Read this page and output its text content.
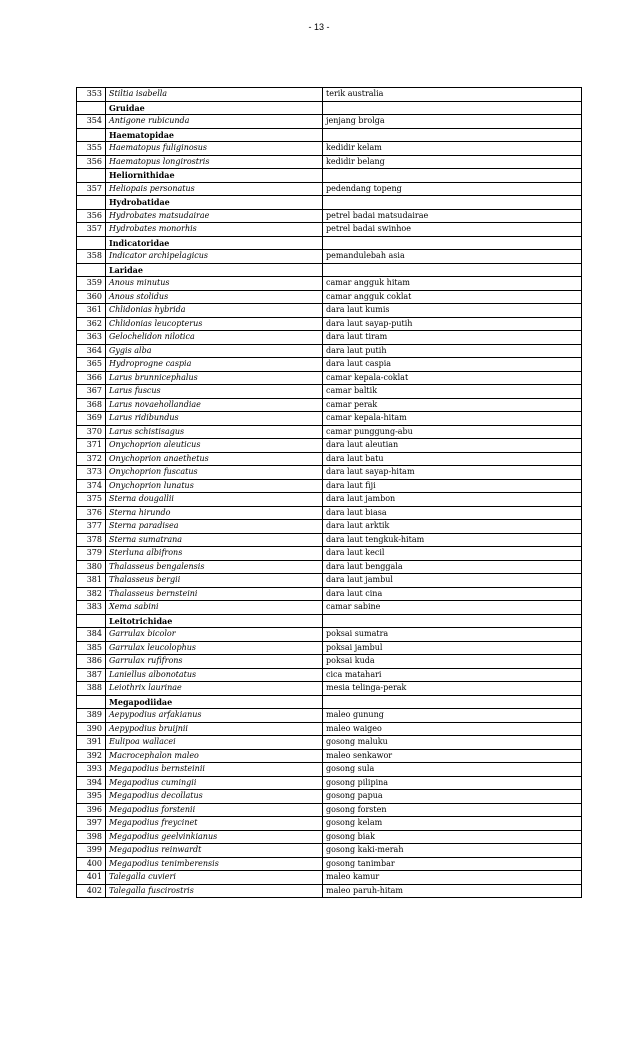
- 13 -
353	Stiltia isabella	terik australia
	Gruidae	
354	Antigone rubicunda	jenjang brolga
	Haematopidae	
355	Haematopus fuliginosus	kedidir kelam
356	Haematopus longirostris	kedidir belang
	Heliornithidae	
357	Heliopais personatus	pedendang topeng
	Hydrobatidae	
356	Hydrobates matsudairae	petrel badai matsudairae
357	Hydrobates monorhis	petrel badai swinhoe
	Indicatoridae	
358	Indicator archipelagicus	pemandulebah asia
	Laridae	
359	Anous minutus	camar angguk hitam
360	Anous stolidus	camar angguk coklat
361	Chlidonias hybrida	dara laut kumis
362	Chlidonias leucopterus	dara laut sayap-putih
363	Gelochelidon nilotica	dara laut tiram
364	Gygis alba	dara laut putih
365	Hydroprogne caspia	dara laut caspia
366	Larus brunnicephalus	camar kepala-coklat
367	Larus fuscus	camar baltik
368	Larus novaehollandiae	camar perak
369	Larus ridibundus	camar kepala-hitam
370	Larus schistisagus	camar punggung-abu
371	Onychoprion aleuticus	dara laut aleutian
372	Onychoprion anaethetus	dara laut batu
373	Onychoprion fuscatus	dara laut sayap-hitam
374	Onychoprion lunatus	dara laut fiji
375	Sterna dougallii	dara laut jambon
376	Sterna hirundo	dara laut biasa
377	Sterna paradisea	dara laut arktik
378	Sterna sumatrana	dara laut tengkuk-hitam
379	Sterluna albifrons	dara laut kecil
380	Thalasseus bengalensis	dara laut benggala
381	Thalasseus bergii	dara laut jambul
382	Thalasseus bernsteini	dara laut cina
383	Xema sabini	camar sabine
	Leitotrichidae	
384	Garrulax bicolor	poksai sumatra
385	Garrulax leucolophus	poksai jambul
386	Garrulax rufifrons	poksai kuda
387	Laniellus albonotatus	cica matahari
388	Leiothrix laurinae	mesia telinga-perak
	Megapodiidae	
389	Aepypodius arfakianus	maleo gunung
390	Aepypodius bruijnii	maleo waigeo
391	Eulipoa wallacei	gosong maluku
392	Macrocephalon maleo	maleo senkawor
393	Megapodius bernsteinii	gosong sula
394	Megapodius cumingii	gosong pilipina
395	Megapodius decollatus	gosong papua
396	Megapodius forstenii	gosong forsten
397	Megapodius freycinet	gosong kelam
398	Megapodius geelvinkianus	gosong biak
399	Megapodius reinwardt	gosong kaki-merah
400	Megapodius tenimberensis	gosong tanimbar
401	Talegalla cuvieri	maleo kamur
402	Talegalla fuscirostris	maleo paruh-hitam
